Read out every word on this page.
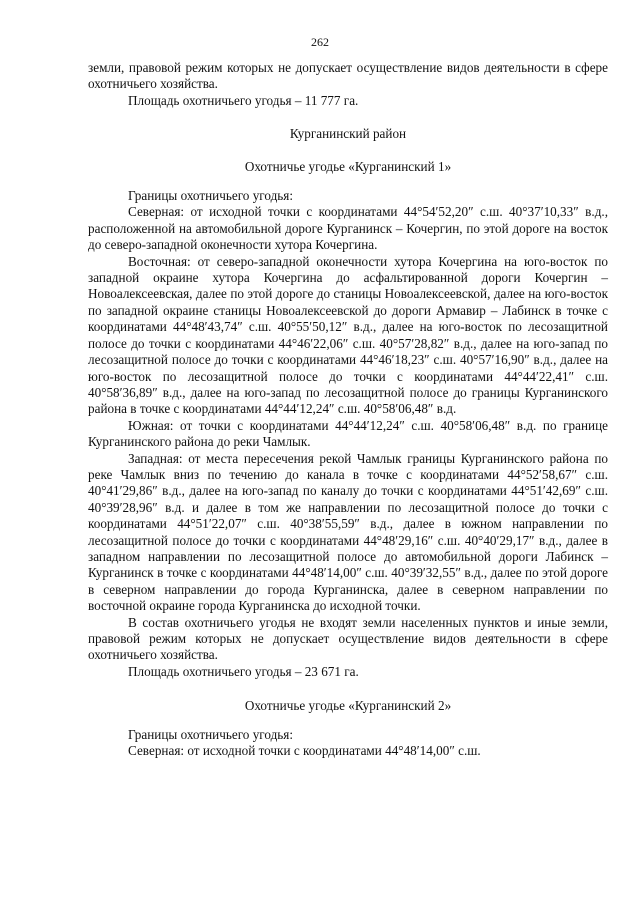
262

земли, правовой режим которых не допускает осуществление видов деятельности в сфере охотничьего хозяйства.

Площадь охотничьего угодья – 11 777 га.

Курганинский район

Охотничье угодье «Курганинский 1»

Границы охотничьего угодья:

Северная: от исходной точки с координатами 44°54′52,20″ с.ш. 40°37′10,33″ в.д., расположенной на автомобильной дороге Курганинск – Кочергин, по этой дороге на восток до северо-западной оконечности хутора Кочергина.

Восточная: от северо-западной оконечности хутора Кочергина на юго-восток по западной окраине хутора Кочергина до асфальтированной дороги Кочергин – Новоалексеевская, далее по этой дороге до станицы Новоалексеевской, далее на юго-восток по западной окраине станицы Новоалексеевской до дороги Армавир – Лабинск в точке с координатами 44°48′43,74″ с.ш. 40°55′50,12″ в.д., далее на юго-восток по лесозащитной полосе до точки с координатами 44°46′22,06″ с.ш. 40°57′28,82″ в.д., далее на юго-запад по лесозащитной полосе до точки с координатами 44°46′18,23″ с.ш. 40°57′16,90″ в.д., далее на юго-восток по лесозащитной полосе до точки с координатами 44°44′22,41″ с.ш. 40°58′36,89″ в.д., далее на юго-запад по лесозащитной полосе до границы Курганинского района в точке с координатами 44°44′12,24″ с.ш. 40°58′06,48″ в.д.

Южная: от точки с координатами 44°44′12,24″ с.ш. 40°58′06,48″ в.д. по границе Курганинского района до реки Чамлык.

Западная: от места пересечения рекой Чамлык границы Курганинского района по реке Чамлык вниз по течению до канала в точке с координатами 44°52′58,67″ с.ш. 40°41′29,86″ в.д., далее на юго-запад по каналу до точки с координатами 44°51′42,69″ с.ш. 40°39′28,96″ в.д. и далее в том же направлении по лесозащитной полосе до точки с координатами 44°51′22,07″ с.ш. 40°38′55,59″ в.д., далее в южном направлении по лесозащитной полосе до точки с координатами 44°48′29,16″ с.ш. 40°40′29,17″ в.д., далее в западном направлении по лесозащитной полосе до автомобильной дороги Лабинск – Курганинск в точке с координатами 44°48′14,00″ с.ш. 40°39′32,55″ в.д., далее по этой дороге в северном направлении до города Курганинска, далее в северном направлении по восточной окраине города Курганинска до исходной точки.

В состав охотничьего угодья не входят земли населенных пунктов и иные земли, правовой режим которых не допускает осуществление видов деятельности в сфере охотничьего хозяйства.

Площадь охотничьего угодья – 23 671 га.

Охотничье угодье «Курганинский 2»

Границы охотничьего угодья:

Северная: от исходной точки с координатами 44°48′14,00″ с.ш.
